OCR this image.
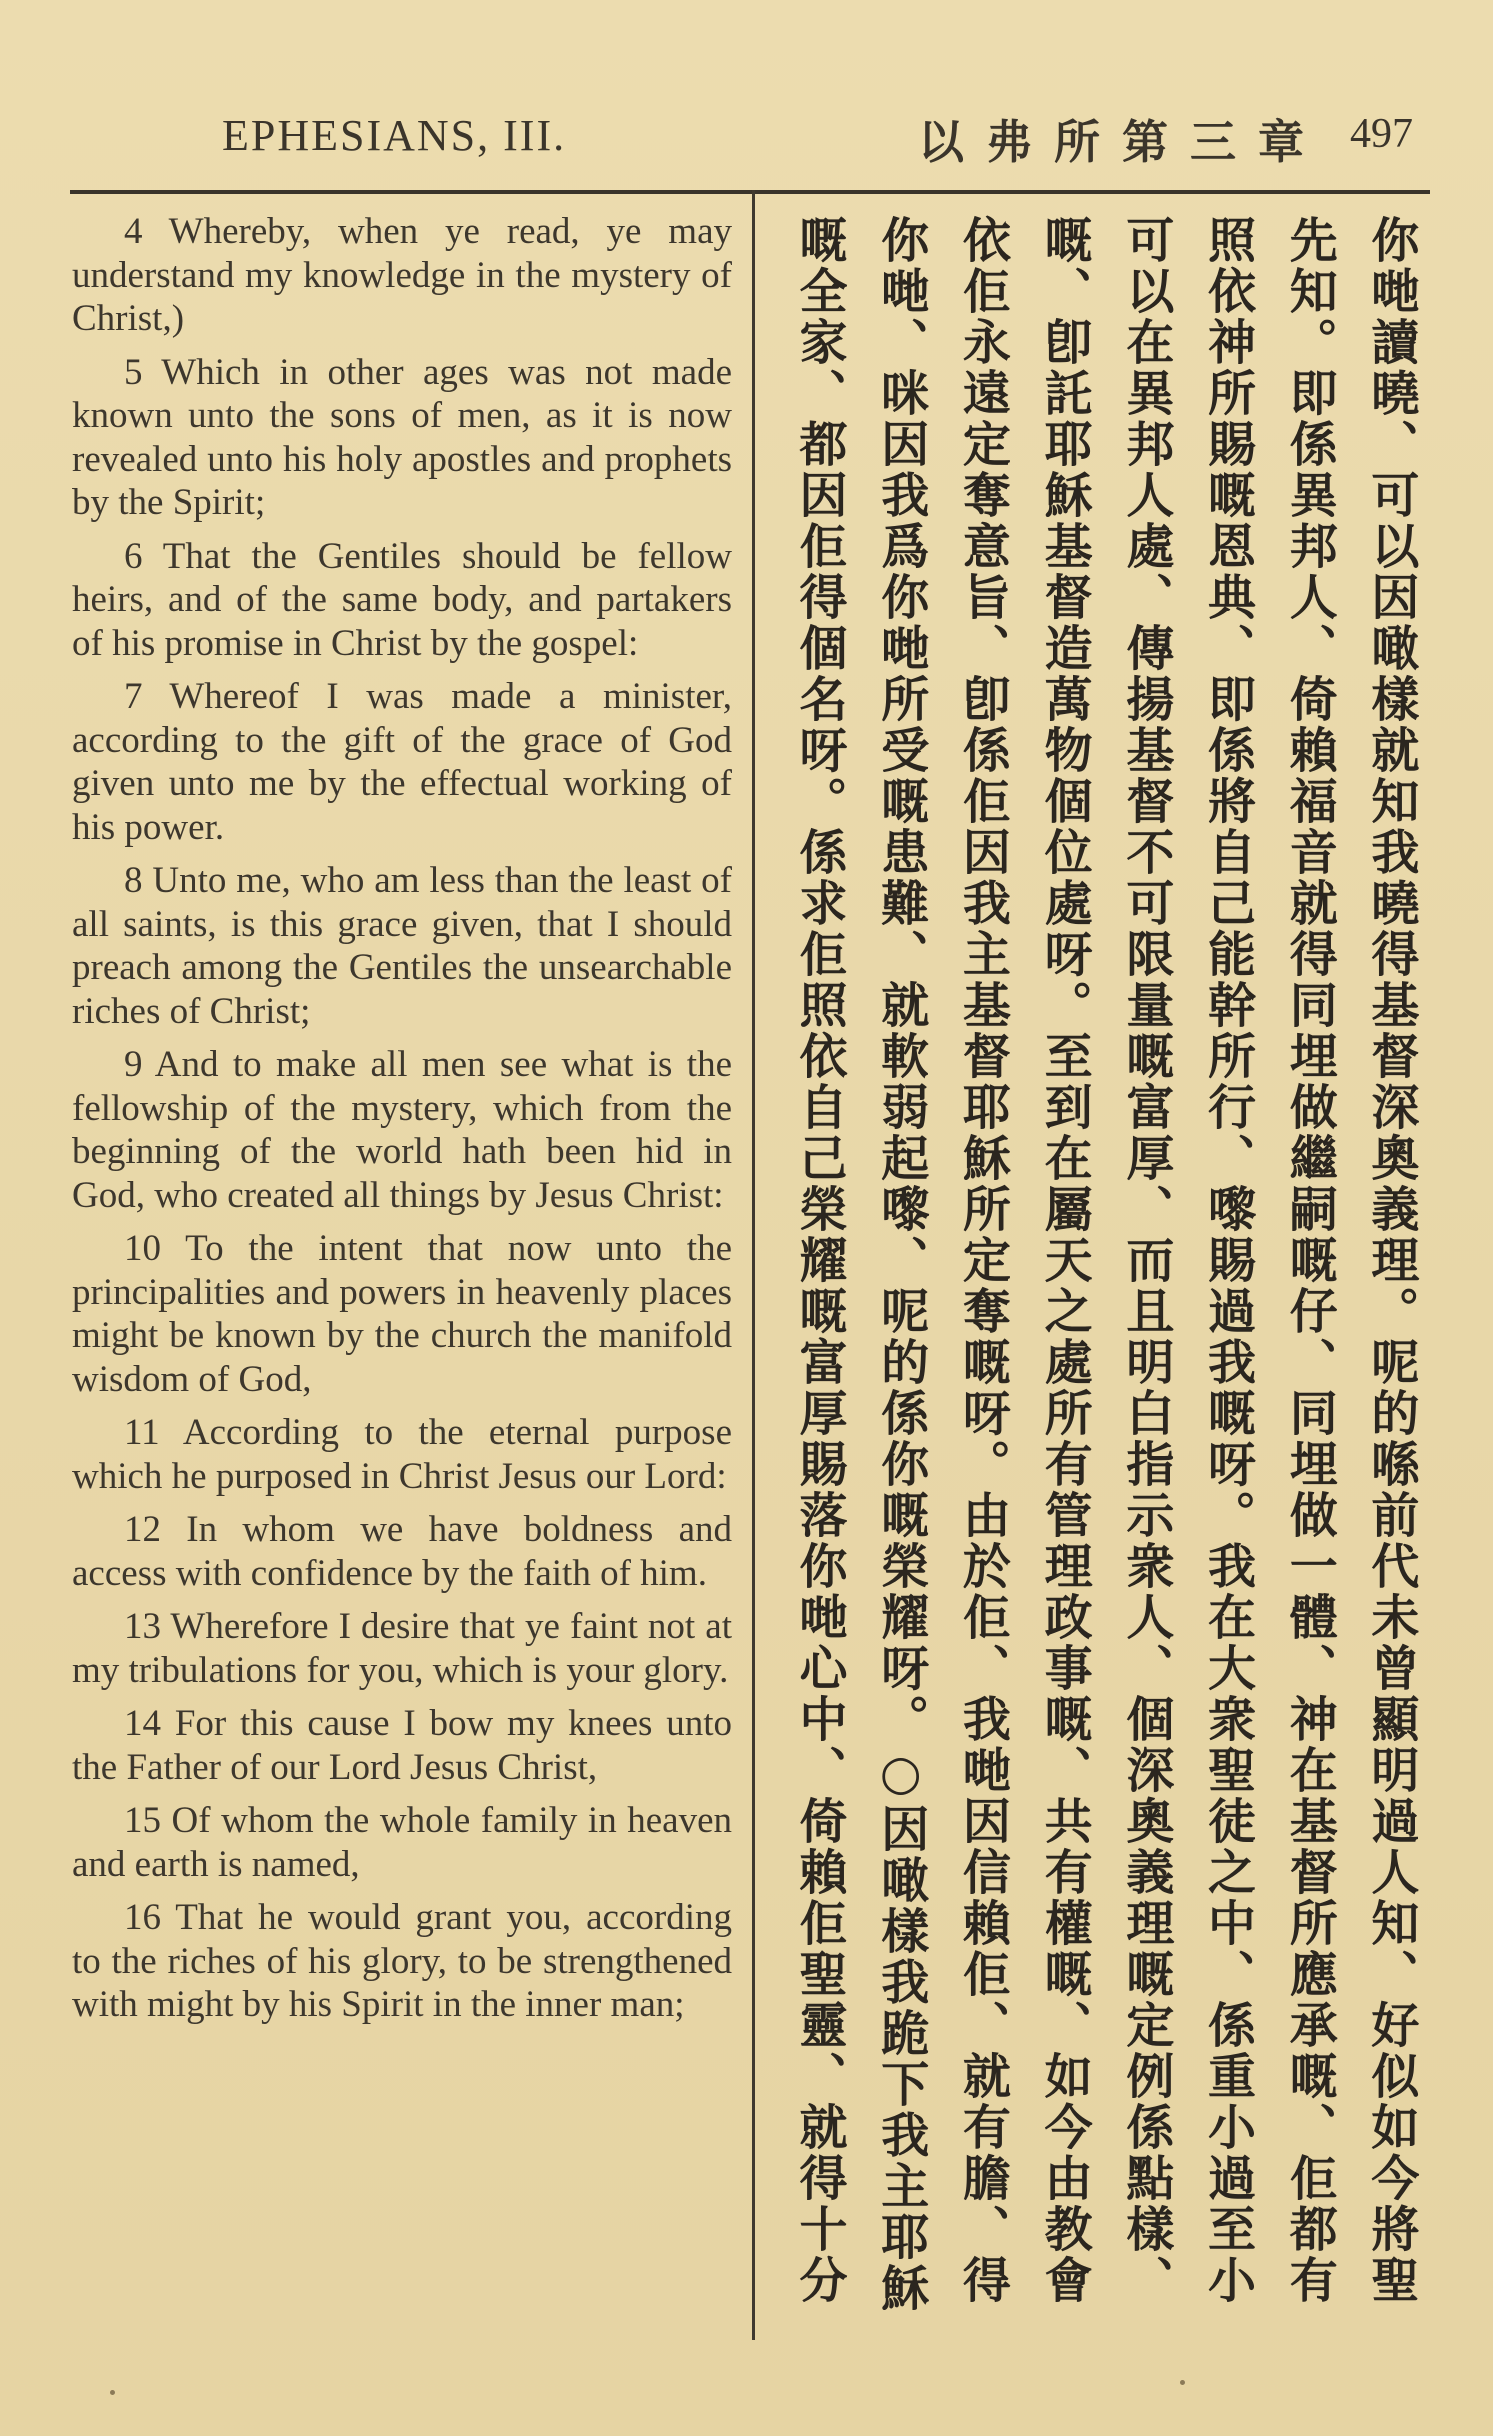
EPHESIANS, III.	以弗所第三章 497

4 Whereby, when ye read, ye may understand my knowledge in the mystery of Christ,)

5 Which in other ages was not made known unto the sons of men, as it is now revealed unto his holy apostles and prophets by the Spirit;

6 That the Gentiles should be fellow heirs, and of the same body, and partakers of his promise in Christ by the gospel:

7 Whereof I was made a minister, according to the gift of the grace of God given unto me by the effectual working of his power.

8 Unto me, who am less than the least of all saints, is this grace given, that I should preach among the Gentiles the unsearchable riches of Christ;

9 And to make all men see what is the fellowship of the mystery, which from the beginning of the world hath been hid in God, who created all things by Jesus Christ:

10 To the intent that now unto the principalities and powers in heavenly places might be known by the church the manifold wisdom of God,

11 According to the eternal purpose which he purposed in Christ Jesus our Lord:

12 In whom we have boldness and access with confidence by the faith of him.

13 Wherefore I desire that ye faint not at my tribulations for you, which is your glory.

14 For this cause I bow my knees unto the Father of our Lord Jesus Christ,

15 Of whom the whole family in heaven and earth is named,

16 That he would grant you, according to the riches of his glory, to be strengthened with might by his Spirit in the inner man;

你哋讀曉、可以因噉樣就知我曉得基督深奧義理。呢的喺前代未曾顯明過人知、好似如今將聖
先知。即係異邦人、倚賴福音就得同埋做繼嗣嘅仔、同埋做一體、神在基督所應承嘅、佢都有
照依神所賜嘅恩典、即係將自己能幹所行、嚟賜過我嘅呀。我在大衆聖徒之中、係重小過至小
可以在異邦人處、傳揚基督不可限量嘅富厚、而且明白指示衆人、個深奧義理嘅定例係點樣、
嘅、卽託耶穌基督造萬物個位處呀。至到在屬天之處所有管理政事嘅、共有權嘅、如今由教會
依佢永遠定奪意旨、卽係佢因我主基督耶穌所定奪嘅呀。由於佢、我哋因信賴佢、就有膽、得
你哋、咪因我爲你哋所受嘅患難、就軟弱起嚟、呢的係你嘅榮耀呀。○因噉樣我跪下我主耶穌
嘅全家、都因佢得個名呀。係求佢照依自己榮耀嘅富厚賜落你哋心中、倚賴佢聖靈、就得十分
